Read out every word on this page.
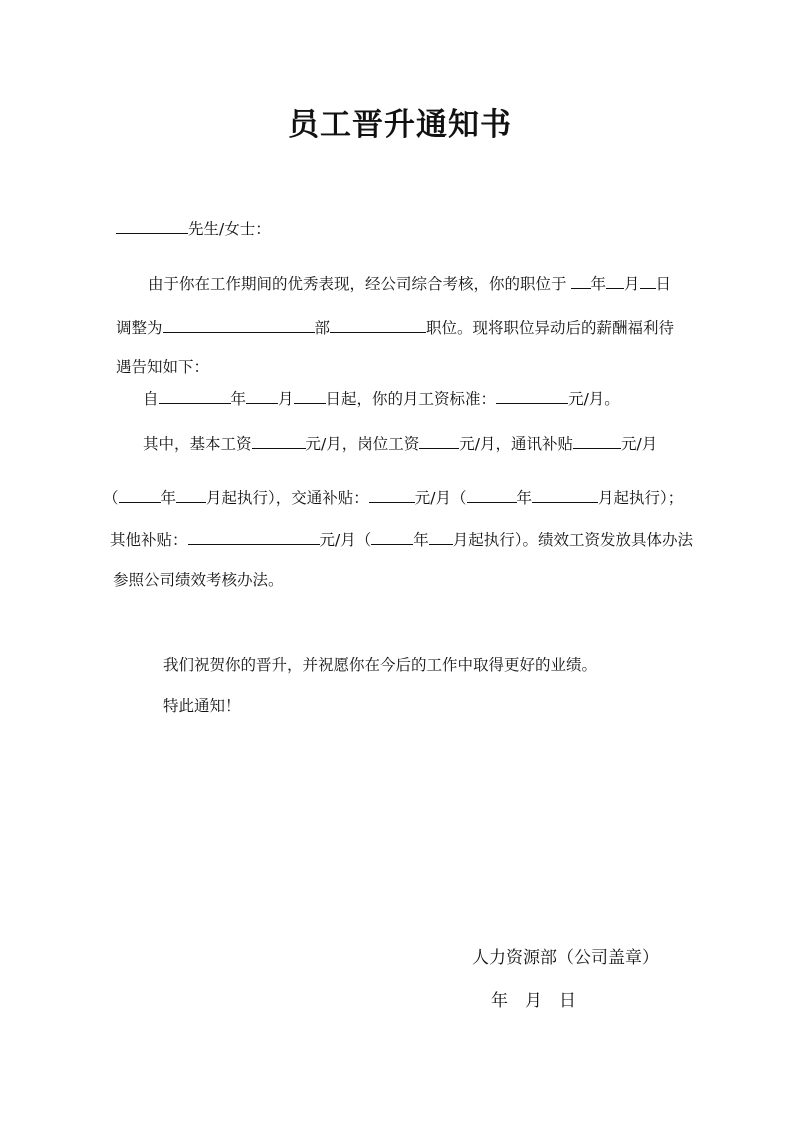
员工晋升通知书
先生/女士：
由于你在工作期间的优秀表现，经公司综合考核，你的职位于 年 月 日
调整为	部	职位。现将职位异动后的薪酬福利待
遇告知如下：
自	年 月 日起，你的月工资标准：	元/月。
其中，基本工资	元/月，岗位工资	元/月，通讯补贴	元/月
（	年 月起执行），交通补贴：	元/月（	年	月起执行）；
其他补贴：	元/月（	年 月起执行）。绩效工资发放具体办法
参照公司绩效考核办法。
我们祝贺你的晋升，并祝愿你在今后的工作中取得更好的业绩。
特此通知！
人力资源部（公司盖章）
年　月　日
